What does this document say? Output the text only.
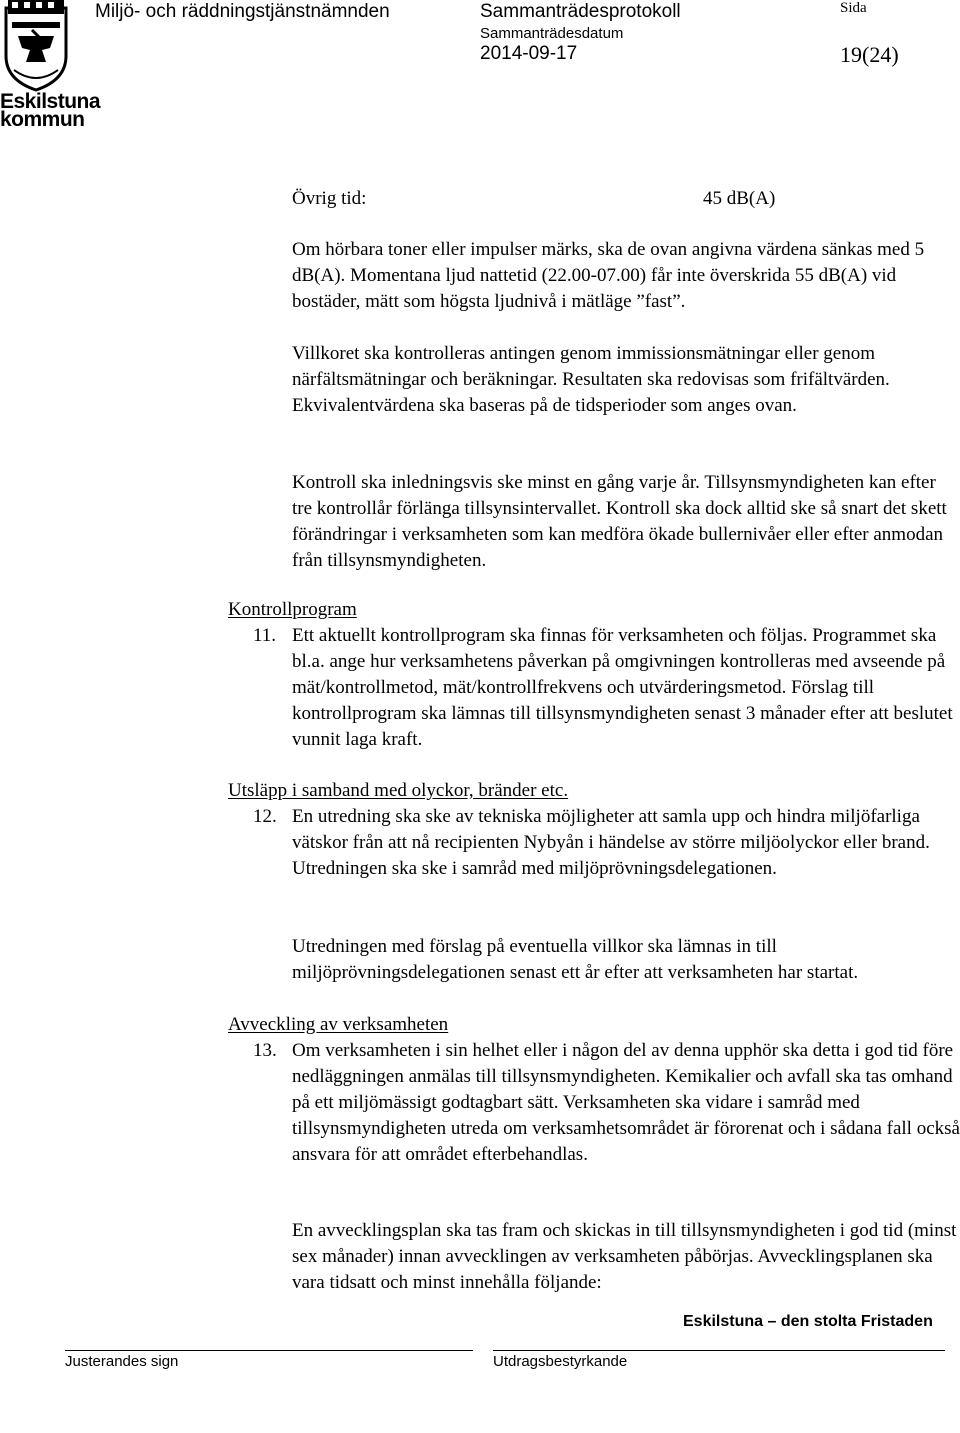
Eskilstuna
kommun
Miljö- och räddningstjänstnämnden	Sammanträdesprotokoll
Sammanträdesdatum
2014-09-17
Sida
19(24)
Övrig tid:	45 dB(A)

Om hörbara toner eller impulser märks, ska de ovan angivna värdena sänkas med 5 dB(A). Momentana ljud nattetid (22.00-07.00) får inte överskrida 55 dB(A) vid bostäder, mätt som högsta ljudnivå i mätläge ”fast”.

Villkoret ska kontrolleras antingen genom immissionsmätningar eller genom närfältsmätningar och beräkningar. Resultaten ska redovisas som frifältvärden. Ekvivalentvärdena ska baseras på de tidsperioder som anges ovan.

Kontroll ska inledningsvis ske minst en gång varje år. Tillsynsmyndigheten kan efter tre kontrollår förlänga tillsynsintervallet. Kontroll ska dock alltid ske så snart det skett förändringar i verksamheten som kan medföra ökade bullernivåer eller efter anmodan från tillsynsmyndigheten.

Kontrollprogram
11. Ett aktuellt kontrollprogram ska finnas för verksamheten och följas. Programmet ska bl.a. ange hur verksamhetens påverkan på omgivningen kontrolleras med avseende på mät/kontrollmetod, mät/kontrollfrekvens och utvärderingsmetod. Förslag till kontrollprogram ska lämnas till tillsynsmyndigheten senast 3 månader efter att beslutet vunnit laga kraft.

Utsläpp i samband med olyckor, bränder etc.
12. En utredning ska ske av tekniska möjligheter att samla upp och hindra miljöfarliga vätskor från att nå recipienten Nybyån i händelse av större miljöolyckor eller brand. Utredningen ska ske i samråd med miljöprövningsdelegationen.

Utredningen med förslag på eventuella villkor ska lämnas in till miljöprövningsdelegationen senast ett år efter att verksamheten har startat.

Avveckling av verksamheten
13. Om verksamheten i sin helhet eller i någon del av denna upphör ska detta i god tid före nedläggningen anmälas till tillsynsmyndigheten. Kemikalier och avfall ska tas omhand på ett miljömässigt godtagbart sätt. Verksamheten ska vidare i samråd med tillsynsmyndigheten utreda om verksamhetsområdet är förorenat och i sådana fall också ansvara för att området efterbehandlas.

En avvecklingsplan ska tas fram och skickas in till tillsynsmyndigheten i god tid (minst sex månader) innan avvecklingen av verksamheten påbörjas. Avvecklingsplanen ska vara tidsatt och minst innehålla följande:

Eskilstuna – den stolta Fristaden
Justerandes sign	Utdragsbestyrkande
